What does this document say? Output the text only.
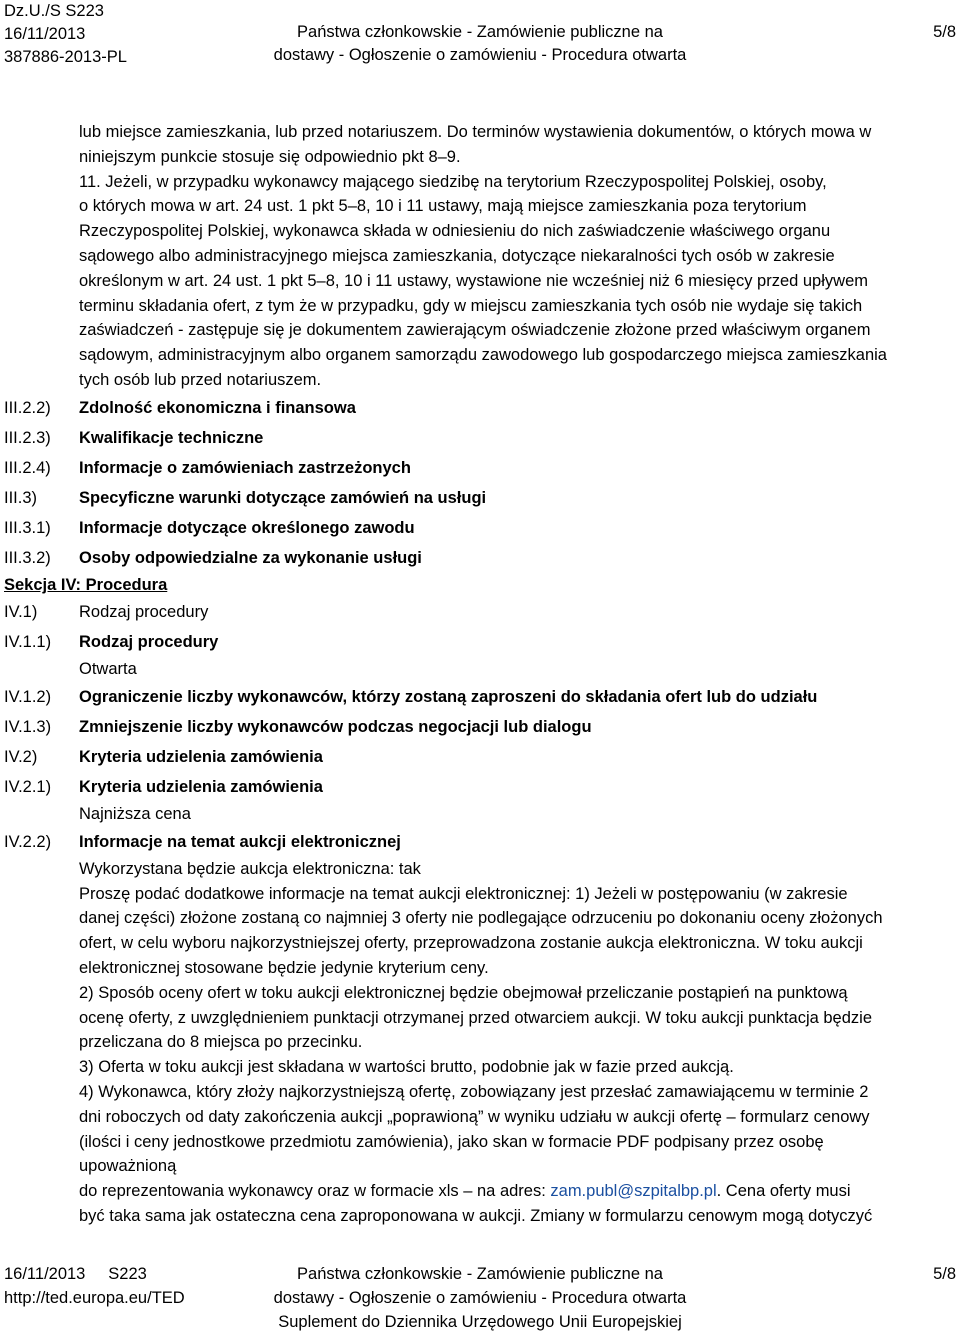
Dz.U./S S223
16/11/2013
387886-2013-PL
Państwa członkowskie - Zamówienie publiczne na
dostawy - Ogłoszenie o zamówieniu - Procedura otwarta
5/8
lub miejsce zamieszkania, lub przed notariuszem. Do terminów wystawienia dokumentów, o których mowa w
niniejszym punkcie stosuje się odpowiednio pkt 8–9.
11. Jeżeli, w przypadku wykonawcy mającego siedzibę na terytorium Rzeczypospolitej Polskiej, osoby,
o których mowa w art. 24 ust. 1 pkt 5–8, 10 i 11 ustawy, mają miejsce zamieszkania poza terytorium
Rzeczypospolitej Polskiej, wykonawca składa w odniesieniu do nich zaświadczenie właściwego organu
sądowego albo administracyjnego miejsca zamieszkania, dotyczące niekaralności tych osób w zakresie
określonym w art. 24 ust. 1 pkt 5–8, 10 i 11 ustawy, wystawione nie wcześniej niż 6 miesięcy przed upływem
terminu składania ofert, z tym że w przypadku, gdy w miejscu zamieszkania tych osób nie wydaje się takich
zaświadczeń - zastępuje się je dokumentem zawierającym oświadczenie złożone przed właściwym organem
sądowym, administracyjnym albo organem samorządu zawodowego lub gospodarczego miejsca zamieszkania
tych osób lub przed notariuszem.
III.2.2) Zdolność ekonomiczna i finansowa
III.2.3) Kwalifikacje techniczne
III.2.4) Informacje o zamówieniach zastrzeżonych
III.3)	Specyficzne warunki dotyczące zamówień na usługi
III.3.1) Informacje dotyczące określonego zawodu
III.3.2) Osoby odpowiedzialne za wykonanie usługi
Sekcja IV: Procedura
IV.1)	Rodzaj procedury
IV.1.1) Rodzaj procedury
Otwarta
IV.1.2) Ograniczenie liczby wykonawców, którzy zostaną zaproszeni do składania ofert lub do udziału
IV.1.3) Zmniejszenie liczby wykonawców podczas negocjacji lub dialogu
IV.2)	Kryteria udzielenia zamówienia
IV.2.1) Kryteria udzielenia zamówienia
Najniższa cena
IV.2.2) Informacje na temat aukcji elektronicznej
Wykorzystana będzie aukcja elektroniczna: tak
Proszę podać dodatkowe informacje na temat aukcji elektronicznej: 1) Jeżeli w postępowaniu (w zakresie
danej części) złożone zostaną co najmniej 3 oferty nie podlegające odrzuceniu po dokonaniu oceny złożonych
ofert, w celu wyboru najkorzystniejszej oferty, przeprowadzona zostanie aukcja elektroniczna. W toku aukcji
elektronicznej stosowane będzie jedynie kryterium ceny.
2) Sposób oceny ofert w toku aukcji elektronicznej będzie obejmował przeliczanie postąpień na punktową
ocenę oferty, z uwzględnieniem punktacji otrzymanej przed otwarciem aukcji. W toku aukcji punktacja będzie
przeliczana do 8 miejsca po przecinku.
3) Oferta w toku aukcji jest składana w wartości brutto, podobnie jak w fazie przed aukcją.
4) Wykonawca, który złoży najkorzystniejszą ofertę, zobowiązany jest przesłać zamawiającemu w terminie 2
dni roboczych od daty zakończenia aukcji „poprawioną” w wyniku udziału w aukcji ofertę – formularz cenowy
(ilości i ceny jednostkowe przedmiotu zamówienia), jako skan w formacie PDF podpisany przez osobę
upoważnioną
do reprezentowania wykonawcy oraz w formacie xls – na adres: zam.publ@szpitalbp.pl. Cena oferty musi
być taka sama jak ostateczna cena zaproponowana w aukcji. Zmiany w formularzu cenowym mogą dotyczyć
16/11/2013     S223
http://ted.europa.eu/TED
Państwa członkowskie - Zamówienie publiczne na
dostawy - Ogłoszenie o zamówieniu - Procedura otwarta
Suplement do Dziennika Urzędowego Unii Europejskiej
5/8
